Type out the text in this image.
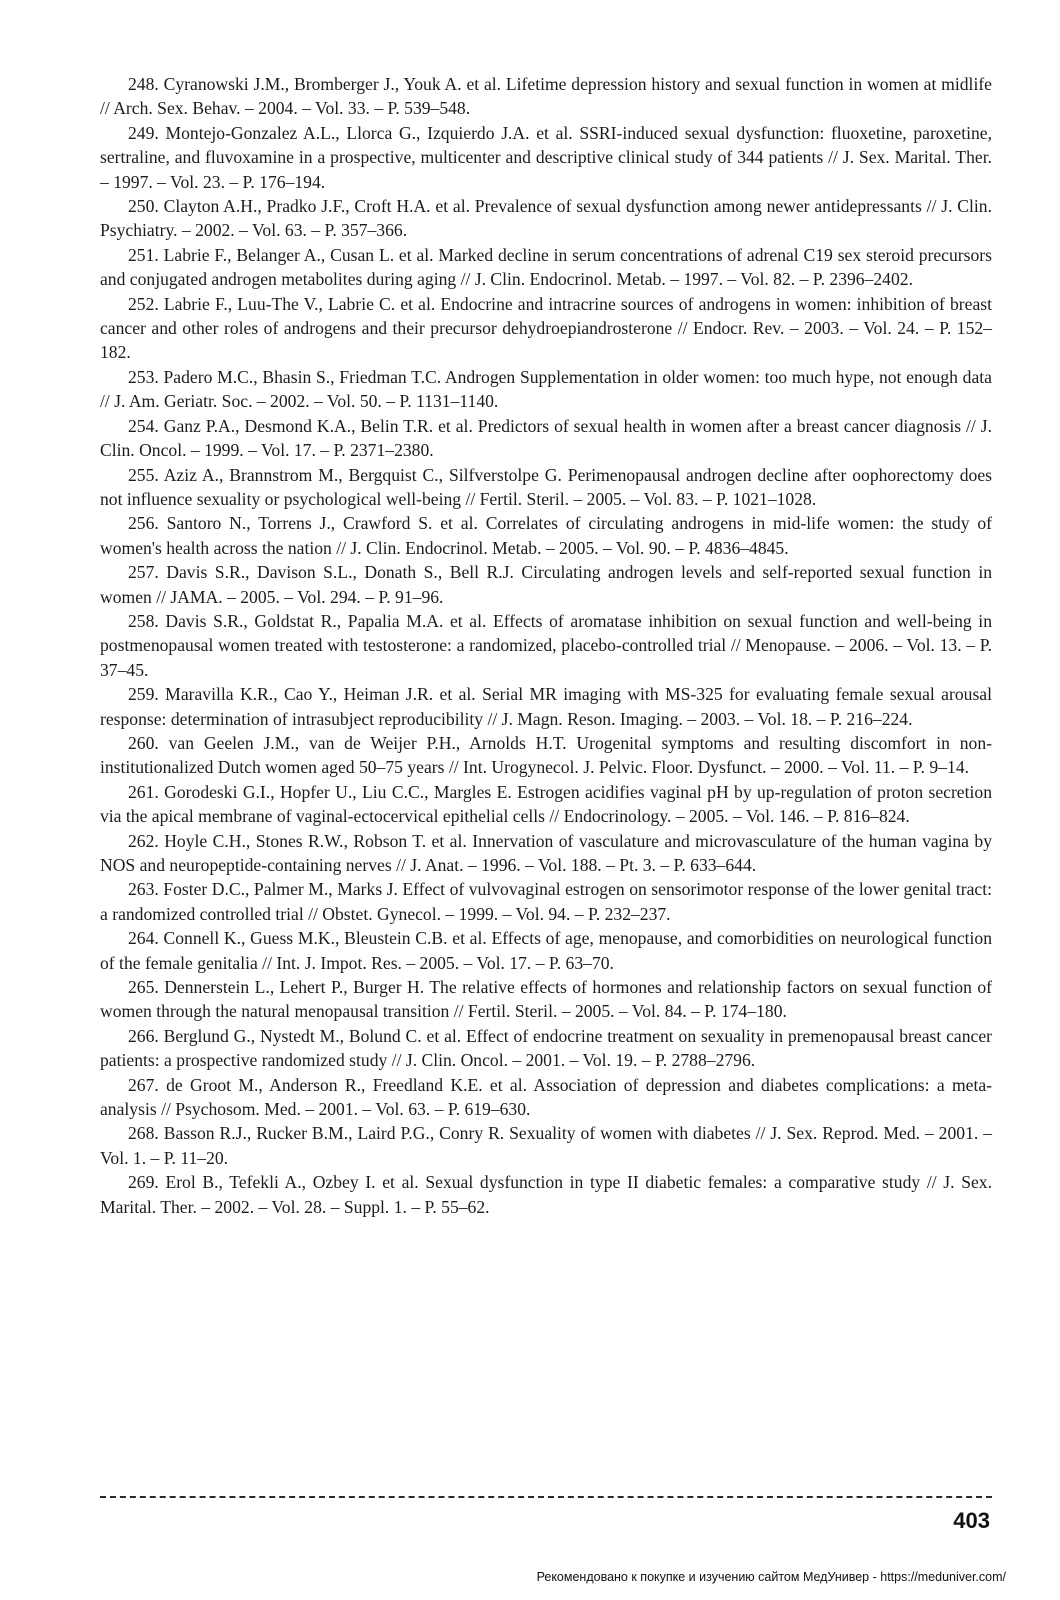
248. Cyranowski J.M., Bromberger J., Youk A. et al. Lifetime depression history and sexual function in women at midlife // Arch. Sex. Behav. – 2004. – Vol. 33. – P. 539–548.

249. Montejo-Gonzalez A.L., Llorca G., Izquierdo J.A. et al. SSRI-induced sexual dysfunction: fluoxetine, paroxetine, sertraline, and fluvoxamine in a prospective, multicenter and descriptive clinical study of 344 patients // J. Sex. Marital. Ther. – 1997. – Vol. 23. – P. 176–194.

250. Clayton A.H., Pradko J.F., Croft H.A. et al. Prevalence of sexual dysfunction among newer antidepressants // J. Clin. Psychiatry. – 2002. – Vol. 63. – P. 357–366.

251. Labrie F., Belanger A., Cusan L. et al. Marked decline in serum concentrations of adrenal C19 sex steroid precursors and conjugated androgen metabolites during aging // J. Clin. Endocrinol. Metab. – 1997. – Vol. 82. – P. 2396–2402.

252. Labrie F., Luu-The V., Labrie C. et al. Endocrine and intracrine sources of androgens in women: inhibition of breast cancer and other roles of androgens and their precursor dehydroepiandrosterone // Endocr. Rev. – 2003. – Vol. 24. – P. 152–182.

253. Padero M.C., Bhasin S., Friedman T.C. Androgen Supplementation in older women: too much hype, not enough data // J. Am. Geriatr. Soc. – 2002. – Vol. 50. – P. 1131–1140.

254. Ganz P.A., Desmond K.A., Belin T.R. et al. Predictors of sexual health in women after a breast cancer diagnosis // J. Clin. Oncol. – 1999. – Vol. 17. – P. 2371–2380.

255. Aziz A., Brannstrom M., Bergquist C., Silfverstolpe G. Perimenopausal androgen decline after oophorectomy does not influence sexuality or psychological well-being // Fertil. Steril. – 2005. – Vol. 83. – P. 1021–1028.

256. Santoro N., Torrens J., Crawford S. et al. Correlates of circulating androgens in mid-life women: the study of women's health across the nation // J. Clin. Endocrinol. Metab. – 2005. – Vol. 90. – P. 4836–4845.

257. Davis S.R., Davison S.L., Donath S., Bell R.J. Circulating androgen levels and self-reported sexual function in women // JAMA. – 2005. – Vol. 294. – P. 91–96.

258. Davis S.R., Goldstat R., Papalia M.A. et al. Effects of aromatase inhibition on sexual function and well-being in postmenopausal women treated with testosterone: a randomized, placebo-controlled trial // Menopause. – 2006. – Vol. 13. – P. 37–45.

259. Maravilla K.R., Cao Y., Heiman J.R. et al. Serial MR imaging with MS-325 for evaluating female sexual arousal response: determination of intrasubject reproducibility // J. Magn. Reson. Imaging. – 2003. – Vol. 18. – P. 216–224.

260. van Geelen J.M., van de Weijer P.H., Arnolds H.T. Urogenital symptoms and resulting discomfort in non-institutionalized Dutch women aged 50–75 years // Int. Urogynecol. J. Pelvic. Floor. Dysfunct. – 2000. – Vol. 11. – P. 9–14.

261. Gorodeski G.I., Hopfer U., Liu C.C., Margles E. Estrogen acidifies vaginal pH by up-regulation of proton secretion via the apical membrane of vaginal-ectocervical epithelial cells // Endocrinology. – 2005. – Vol. 146. – P. 816–824.

262. Hoyle C.H., Stones R.W., Robson T. et al. Innervation of vasculature and microvasculature of the human vagina by NOS and neuropeptide-containing nerves // J. Anat. – 1996. – Vol. 188. – Pt. 3. – P. 633–644.

263. Foster D.C., Palmer M., Marks J. Effect of vulvovaginal estrogen on sensorimotor response of the lower genital tract: a randomized controlled trial // Obstet. Gynecol. – 1999. – Vol. 94. – P. 232–237.

264. Connell K., Guess M.K., Bleustein C.B. et al. Effects of age, menopause, and comorbidities on neurological function of the female genitalia // Int. J. Impot. Res. – 2005. – Vol. 17. – P. 63–70.

265. Dennerstein L., Lehert P., Burger H. The relative effects of hormones and relationship factors on sexual function of women through the natural menopausal transition // Fertil. Steril. – 2005. – Vol. 84. – P. 174–180.

266. Berglund G., Nystedt M., Bolund C. et al. Effect of endocrine treatment on sexuality in premenopausal breast cancer patients: a prospective randomized study // J. Clin. Oncol. – 2001. – Vol. 19. – P. 2788–2796.

267. de Groot M., Anderson R., Freedland K.E. et al. Association of depression and diabetes complications: a meta-analysis // Psychosom. Med. – 2001. – Vol. 63. – P. 619–630.

268. Basson R.J., Rucker B.M., Laird P.G., Conry R. Sexuality of women with diabetes // J. Sex. Reprod. Med. – 2001. – Vol. 1. – P. 11–20.

269. Erol B., Tefekli A., Ozbey I. et al. Sexual dysfunction in type II diabetic females: a comparative study // J. Sex. Marital. Ther. – 2002. – Vol. 28. – Suppl. 1. – P. 55–62.

403
Рекомендовано к покупке и изучению сайтом МедУнивер - https://meduniver.com/
